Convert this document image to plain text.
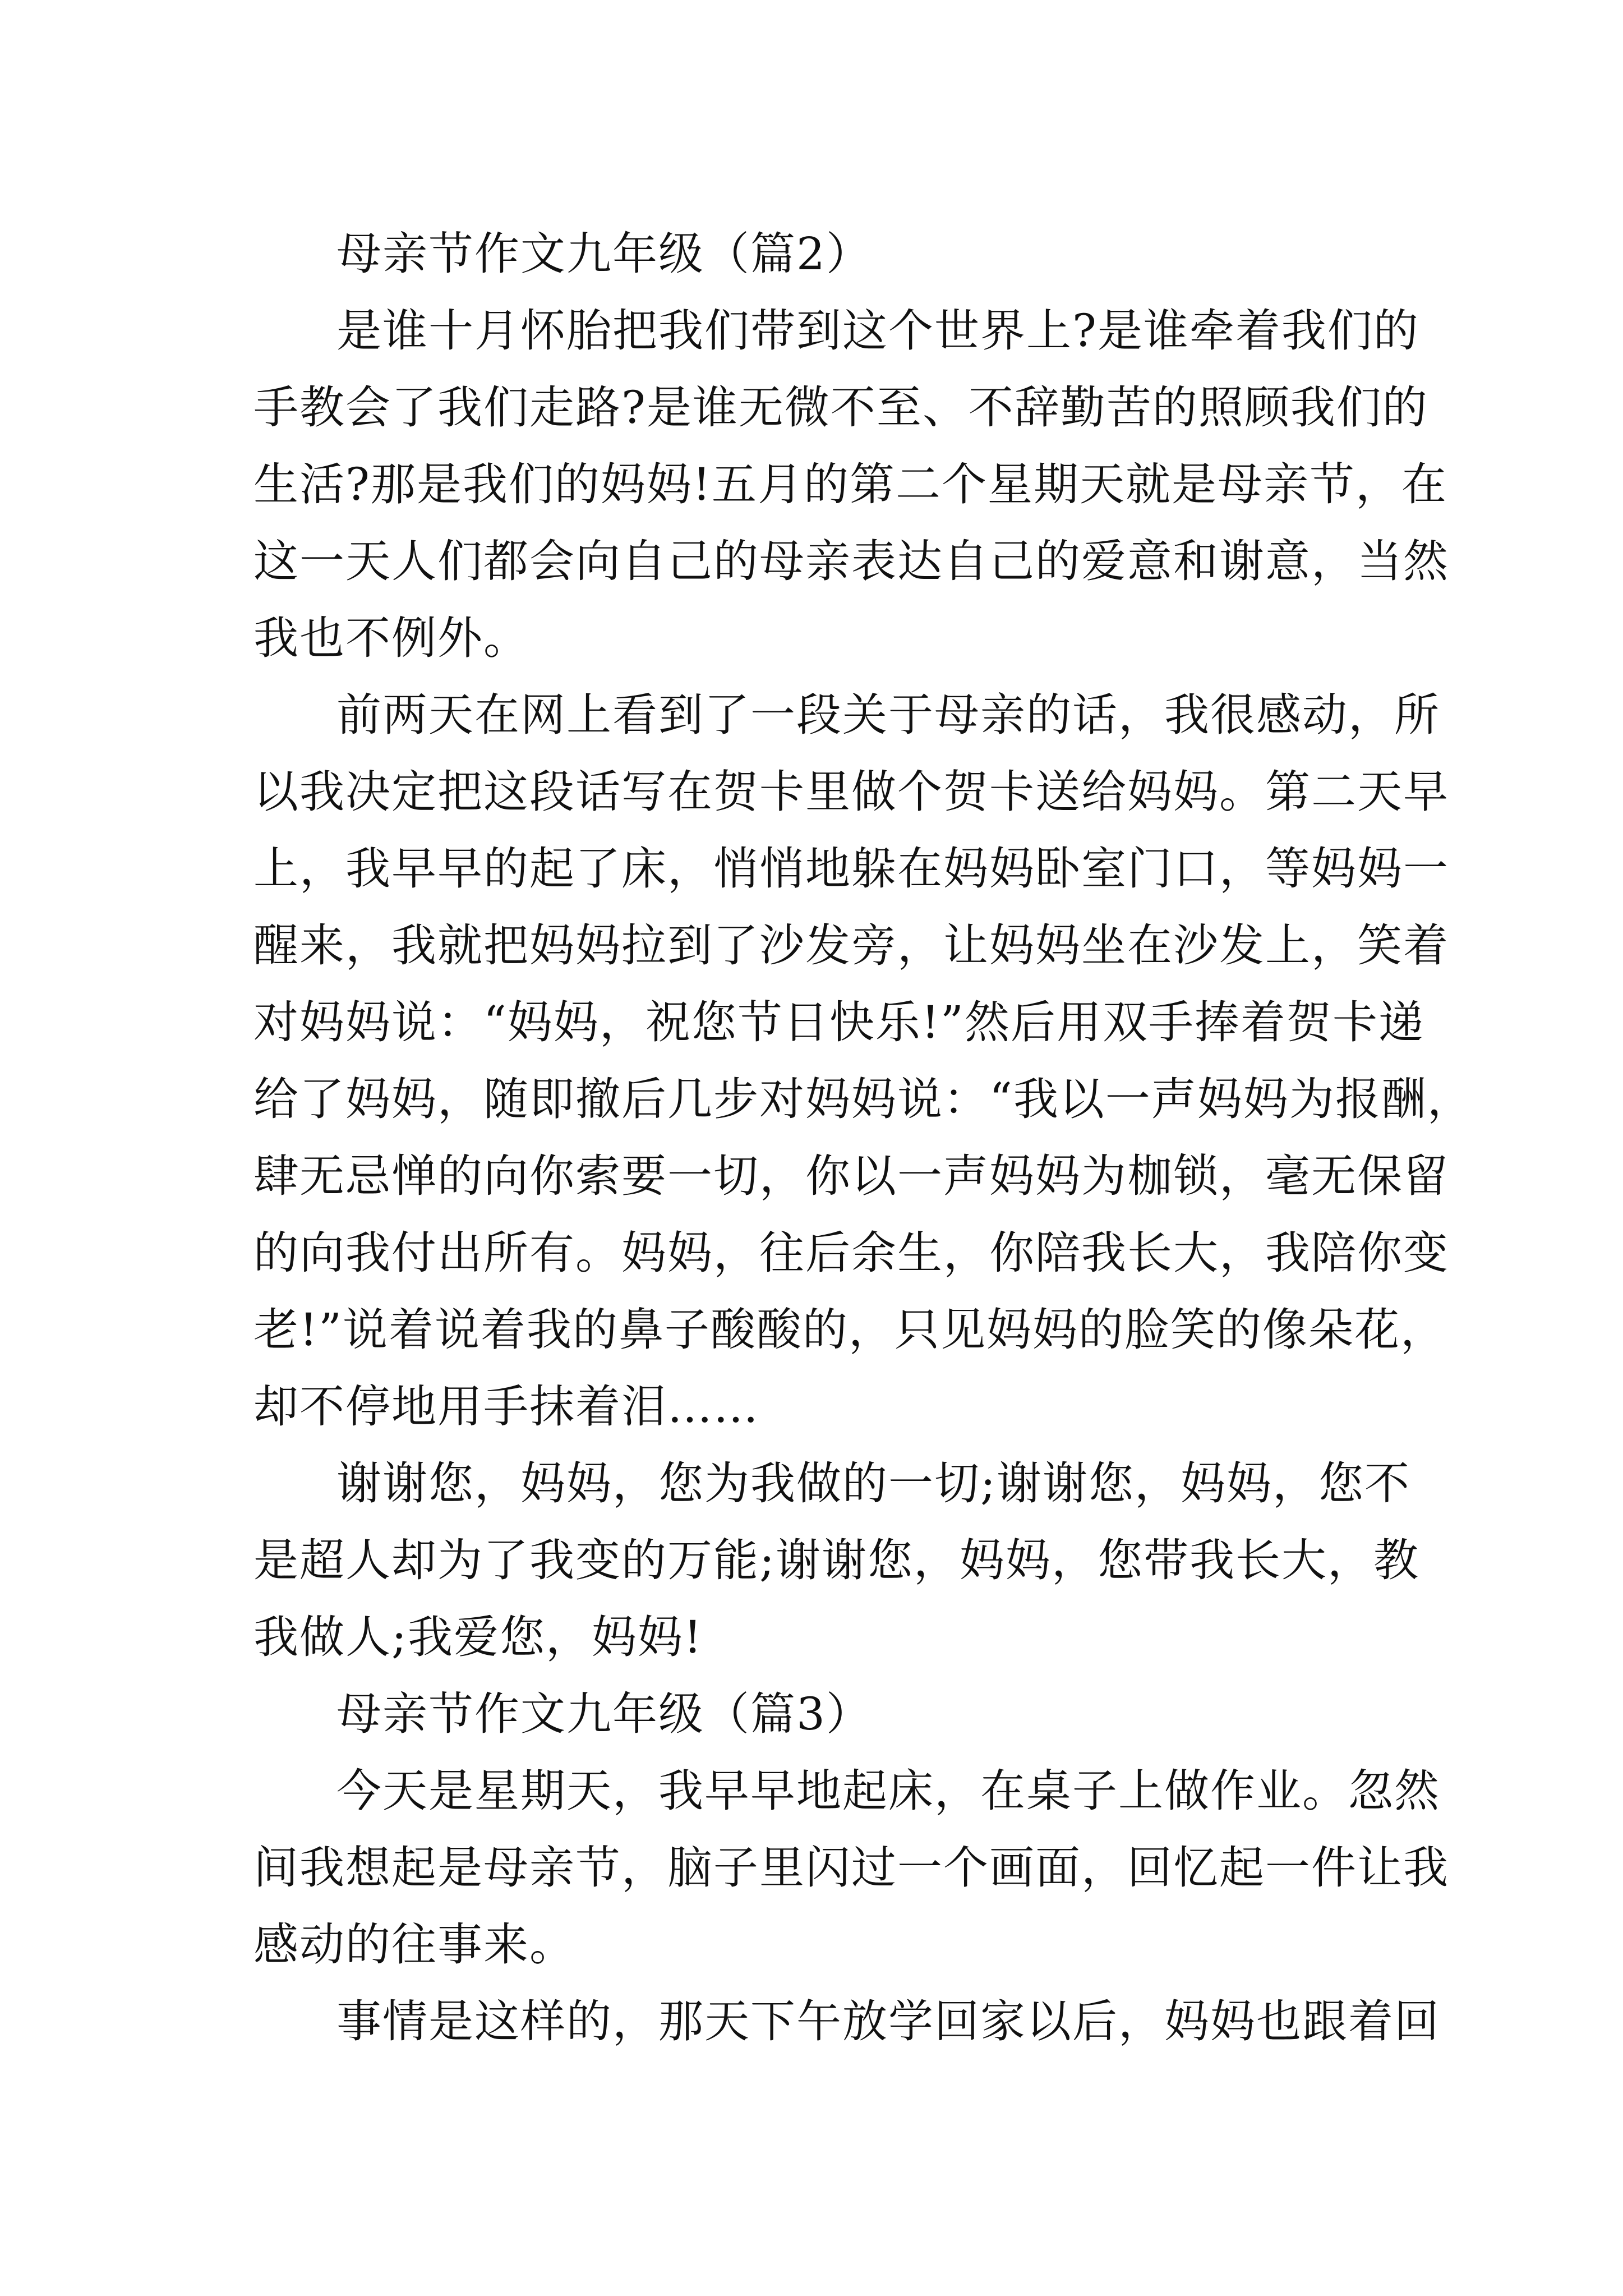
母亲节作文九年级（篇2）

是谁十月怀胎把我们带到这个世界上?是谁牵着我们的
手教会了我们走路?是谁无微不至、不辞勤苦的照顾我们的
生活?那是我们的妈妈!五月的第二个星期天就是母亲节，在
这一天人们都会向自己的母亲表达自己的爱意和谢意，当然
我也不例外。

前两天在网上看到了一段关于母亲的话，我很感动，所
以我决定把这段话写在贺卡里做个贺卡送给妈妈。第二天早
上，我早早的起了床，悄悄地躲在妈妈卧室门口，等妈妈一
醒来，我就把妈妈拉到了沙发旁，让妈妈坐在沙发上，笑着
对妈妈说：“妈妈，祝您节日快乐!”然后用双手捧着贺卡递
给了妈妈，随即撤后几步对妈妈说：“我以一声妈妈为报酬，
肆无忌惮的向你索要一切，你以一声妈妈为枷锁，毫无保留
的向我付出所有。妈妈，往后余生，你陪我长大，我陪你变
老!”说着说着我的鼻子酸酸的，只见妈妈的脸笑的像朵花，
却不停地用手抹着泪……

谢谢您，妈妈，您为我做的一切;谢谢您，妈妈，您不
是超人却为了我变的万能;谢谢您，妈妈，您带我长大，教
我做人;我爱您，妈妈!

母亲节作文九年级（篇3）

今天是星期天，我早早地起床，在桌子上做作业。忽然
间我想起是母亲节，脑子里闪过一个画面，回忆起一件让我
感动的往事来。

事情是这样的，那天下午放学回家以后，妈妈也跟着回
